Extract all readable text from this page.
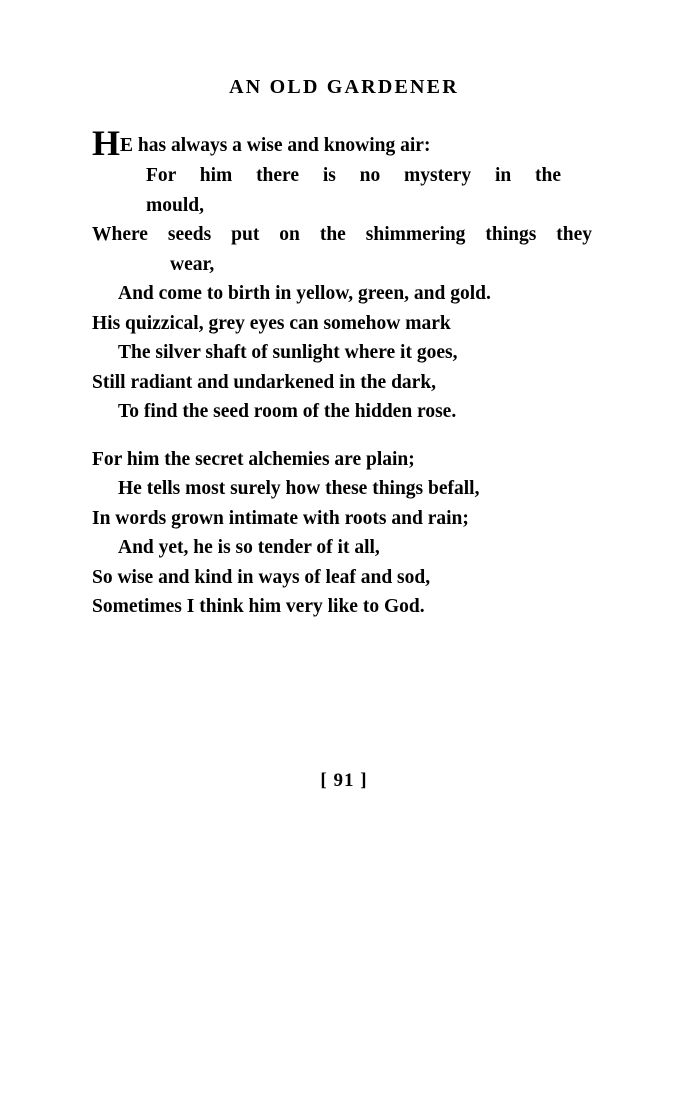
AN OLD GARDENER
HE has always a wise and knowing air:
For  him  there  is  no  mystery  in  the
mould,
Where seeds put on the shimmering things they
wear,
And come to birth in yellow, green, and gold.
His quizzical, grey eyes can somehow mark
The silver shaft of sunlight where it goes,
Still radiant and undarkened in the dark,
To find the seed room of the hidden rose.
For him the secret alchemies are plain;
He tells most surely how these things befall,
In words grown intimate with roots and rain;
And yet, he is so tender of it all,
So wise and kind in ways of leaf and sod,
Sometimes I think him very like to God.
[ 91 ]
